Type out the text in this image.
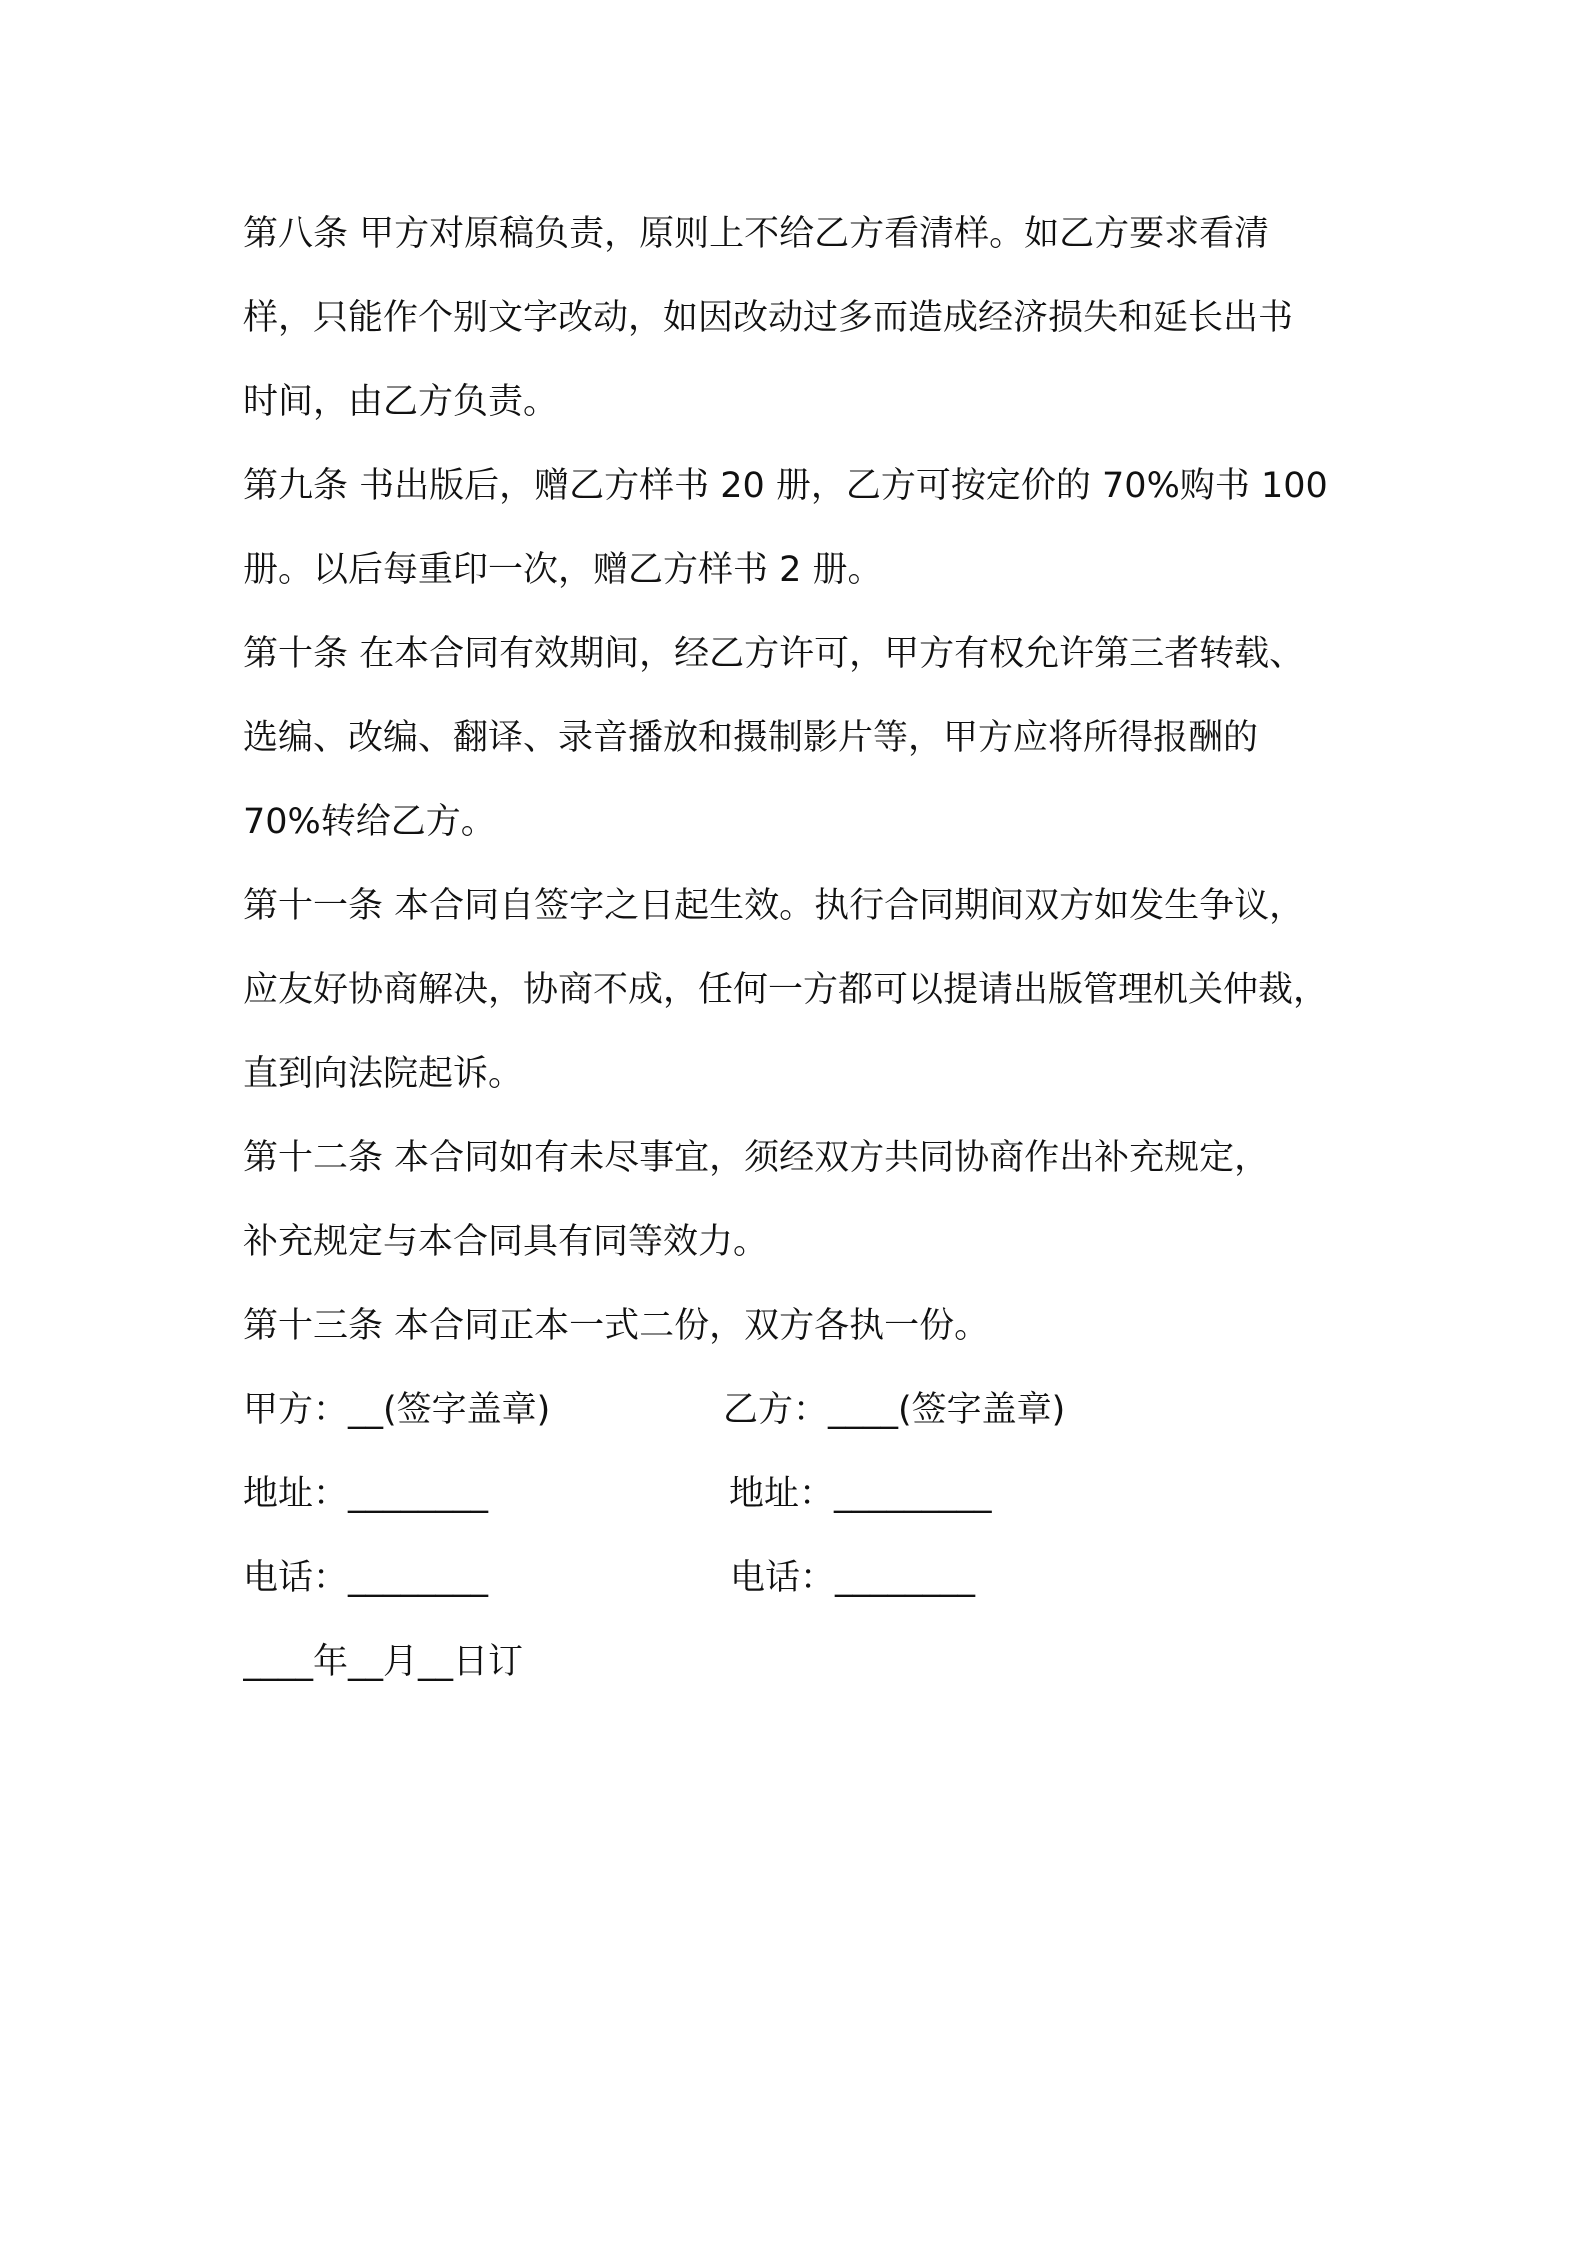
第八条 甲方对原稿负责，原则上不给乙方看清样。如乙方要求看清
样，只能作个别文字改动，如因改动过多而造成经济损失和延长出书
时间，由乙方负责。
第九条 书出版后，赠乙方样书 20 册，乙方可按定价的 70%购书 100
册。以后每重印一次，赠乙方样书 2 册。
第十条 在本合同有效期间，经乙方许可，甲方有权允许第三者转载、
选编、改编、翻译、录音播放和摄制影片等，甲方应将所得报酬的
70%转给乙方。
第十一条 本合同自签字之日起生效。执行合同期间双方如发生争议，
应友好协商解决，协商不成，任何一方都可以提请出版管理机关仲裁，
直到向法院起诉。
第十二条 本合同如有未尽事宜，须经双方共同协商作出补充规定，
补充规定与本合同具有同等效力。
第十三条 本合同正本一式二份，双方各执一份。
甲方：__(签字盖章)	乙方：____(签字盖章)
地址：________	地址：_________
电话：________	电话：________
____年__月__日订
